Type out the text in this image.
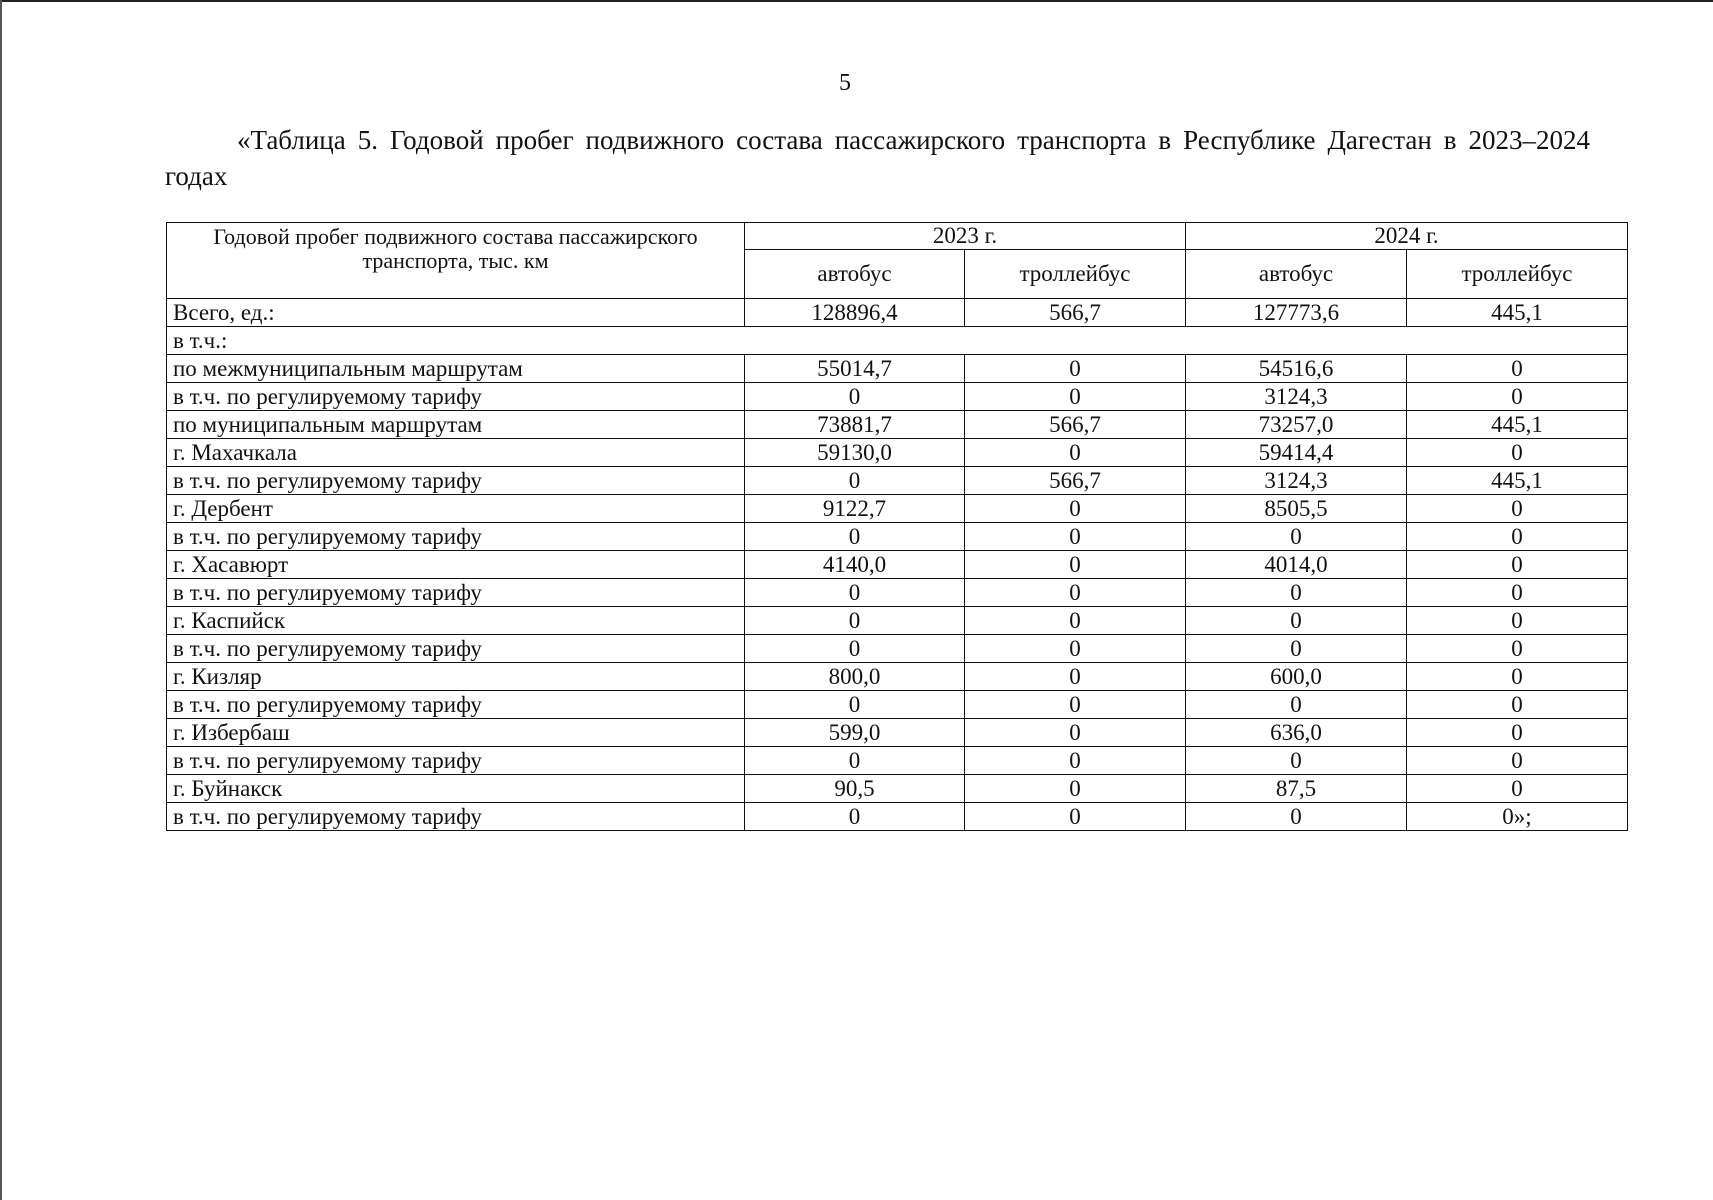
5
«Таблица 5. Годовой пробег подвижного состава пассажирского транспорта в Республике Дагестан в 2023–2024 годах
Годовой пробег подвижного состава пассажирского транспорта, тыс. км	2023 г.		2024 г.	
	автобус	троллейбус	автобус	троллейбус
Всего, ед.:	128896,4	566,7	127773,6	445,1
в т.ч.:				
по межмуниципальным маршрутам	55014,7	0	54516,6	0
в т.ч. по регулируемому тарифу	0	0	3124,3	0
по муниципальным маршрутам	73881,7	566,7	73257,0	445,1
г. Махачкала	59130,0	0	59414,4	0
в т.ч. по регулируемому тарифу	0	566,7	3124,3	445,1
г. Дербент	9122,7	0	8505,5	0
в т.ч. по регулируемому тарифу	0	0	0	0
г. Хасавюрт	4140,0	0	4014,0	0
в т.ч. по регулируемому тарифу	0	0	0	0
г. Каспийск	0	0	0	0
в т.ч. по регулируемому тарифу	0	0	0	0
г. Кизляр	800,0	0	600,0	0
в т.ч. по регулируемому тарифу	0	0	0	0
г. Избербаш	599,0	0	636,0	0
в т.ч. по регулируемому тарифу	0	0	0	0
г. Буйнакск	90,5	0	87,5	0
в т.ч. по регулируемому тарифу	0	0	0	0»;
